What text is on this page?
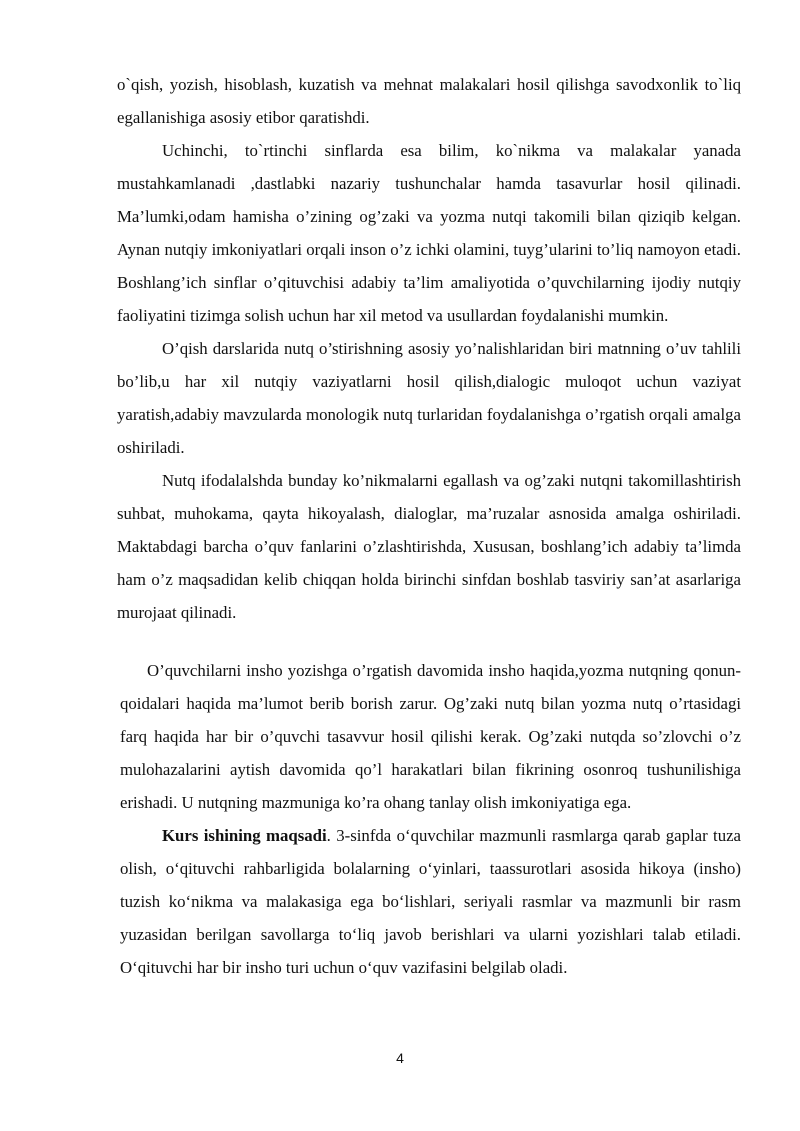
o`qish, yozish, hisoblash, kuzatish va mehnat malakalari hosil qilishga savodxonlik to`liq egallanishiga asosiy etibor qaratishdi.

Uchinchi, to`rtinchi sinflarda esa bilim, ko`nikma va malakalar yanada mustahkamlanadi ,dastlabki nazariy tushunchalar hamda tasavurlar hosil qilinadi. Ma’lumki,odam hamisha o’zining og’zaki va yozma nutqi takomili bilan qiziqib kelgan. Aynan nutqiy imkoniyatlari orqali inson o’z ichki olamini, tuyg’ularini to’liq namoyon etadi. Boshlang’ich sinflar o’qituvchisi adabiy ta’lim amaliyotida o’quvchilarning ijodiy nutqiy faoliyatini tizimga solish uchun har xil metod va usullardan foydalanishi mumkin.

O’qish darslarida nutq o’stirishning asosiy yo’nalishlaridan biri matnning o’uv tahlili bo’lib,u har xil nutqiy vaziyatlarni hosil qilish,dialogic muloqot uchun vaziyat yaratish,adabiy mavzularda monologik nutq turlaridan foydalanishga o’rgatish orqali amalga oshiriladi.

Nutq ifodalalshda bunday ko’nikmalarni egallash va og’zaki nutqni takomillashtirish suhbat, muhokama, qayta hikoyalash, dialoglar, ma’ruzalar asnosida amalga oshiriladi. Maktabdagi barcha o’quv fanlarini o’zlashtirishda, Xususan, boshlang’ich adabiy ta’limda ham o’z maqsadidan kelib chiqqan holda birinchi sinfdan boshlab tasviriy san’at asarlariga murojaat qilinadi.

O’quvchilarni insho yozishga o’rgatish davomida insho haqida,yozma nutqning qonun-qoidalari haqida ma’lumot berib borish zarur. Og’zaki nutq bilan yozma nutq o’rtasidagi farq haqida har bir o’quvchi tasavvur hosil qilishi kerak. Og’zaki nutqda so’zlovchi o’z mulohazalarini aytish davomida qo’l harakatlari bilan fikrining osonroq tushunilishiga erishadi. U nutqning mazmuniga ko’ra ohang tanlay olish imkoniyatiga ega.

Kurs ishining maqsadi. 3-sinfda o‘quvchilar mazmunli rasmlarga qarab gaplar tuza olish, o‘qituvchi rahbarligida bolalarning o‘yinlari, taassurotlari asosida hikoya (insho) tuzish ko‘nikma va malakasiga ega bo‘lishlari, seriyali rasmlar va mazmunli bir rasm yuzasidan berilgan savollarga to‘liq javob berishlari va ularni yozishlari talab etiladi. O‘qituvchi har bir insho turi uchun o‘quv vazifasini belgilab oladi.

4
